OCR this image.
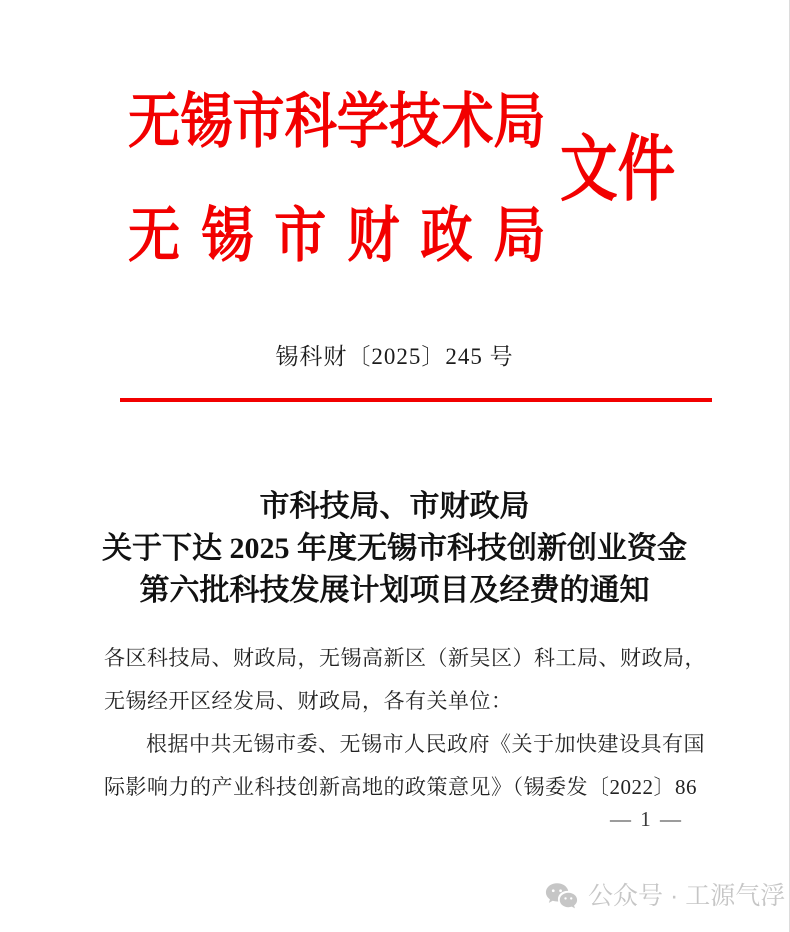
无锡市科学技术局
文件
无锡市财政局
锡科财〔2025〕245 号
市科技局、市财政局
关于下达 2025 年度无锡市科技创新创业资金
第六批科技发展计划项目及经费的通知
各区科技局、财政局，无锡高新区（新吴区）科工局、财政局，
无锡经开区经发局、财政局，各有关单位：
根据中共无锡市委、无锡市人民政府《关于加快建设具有国
际影响力的产业科技创新高地的政策意见》（锡委发〔2022〕86
— 1 —
公众号 · 工源气浮
